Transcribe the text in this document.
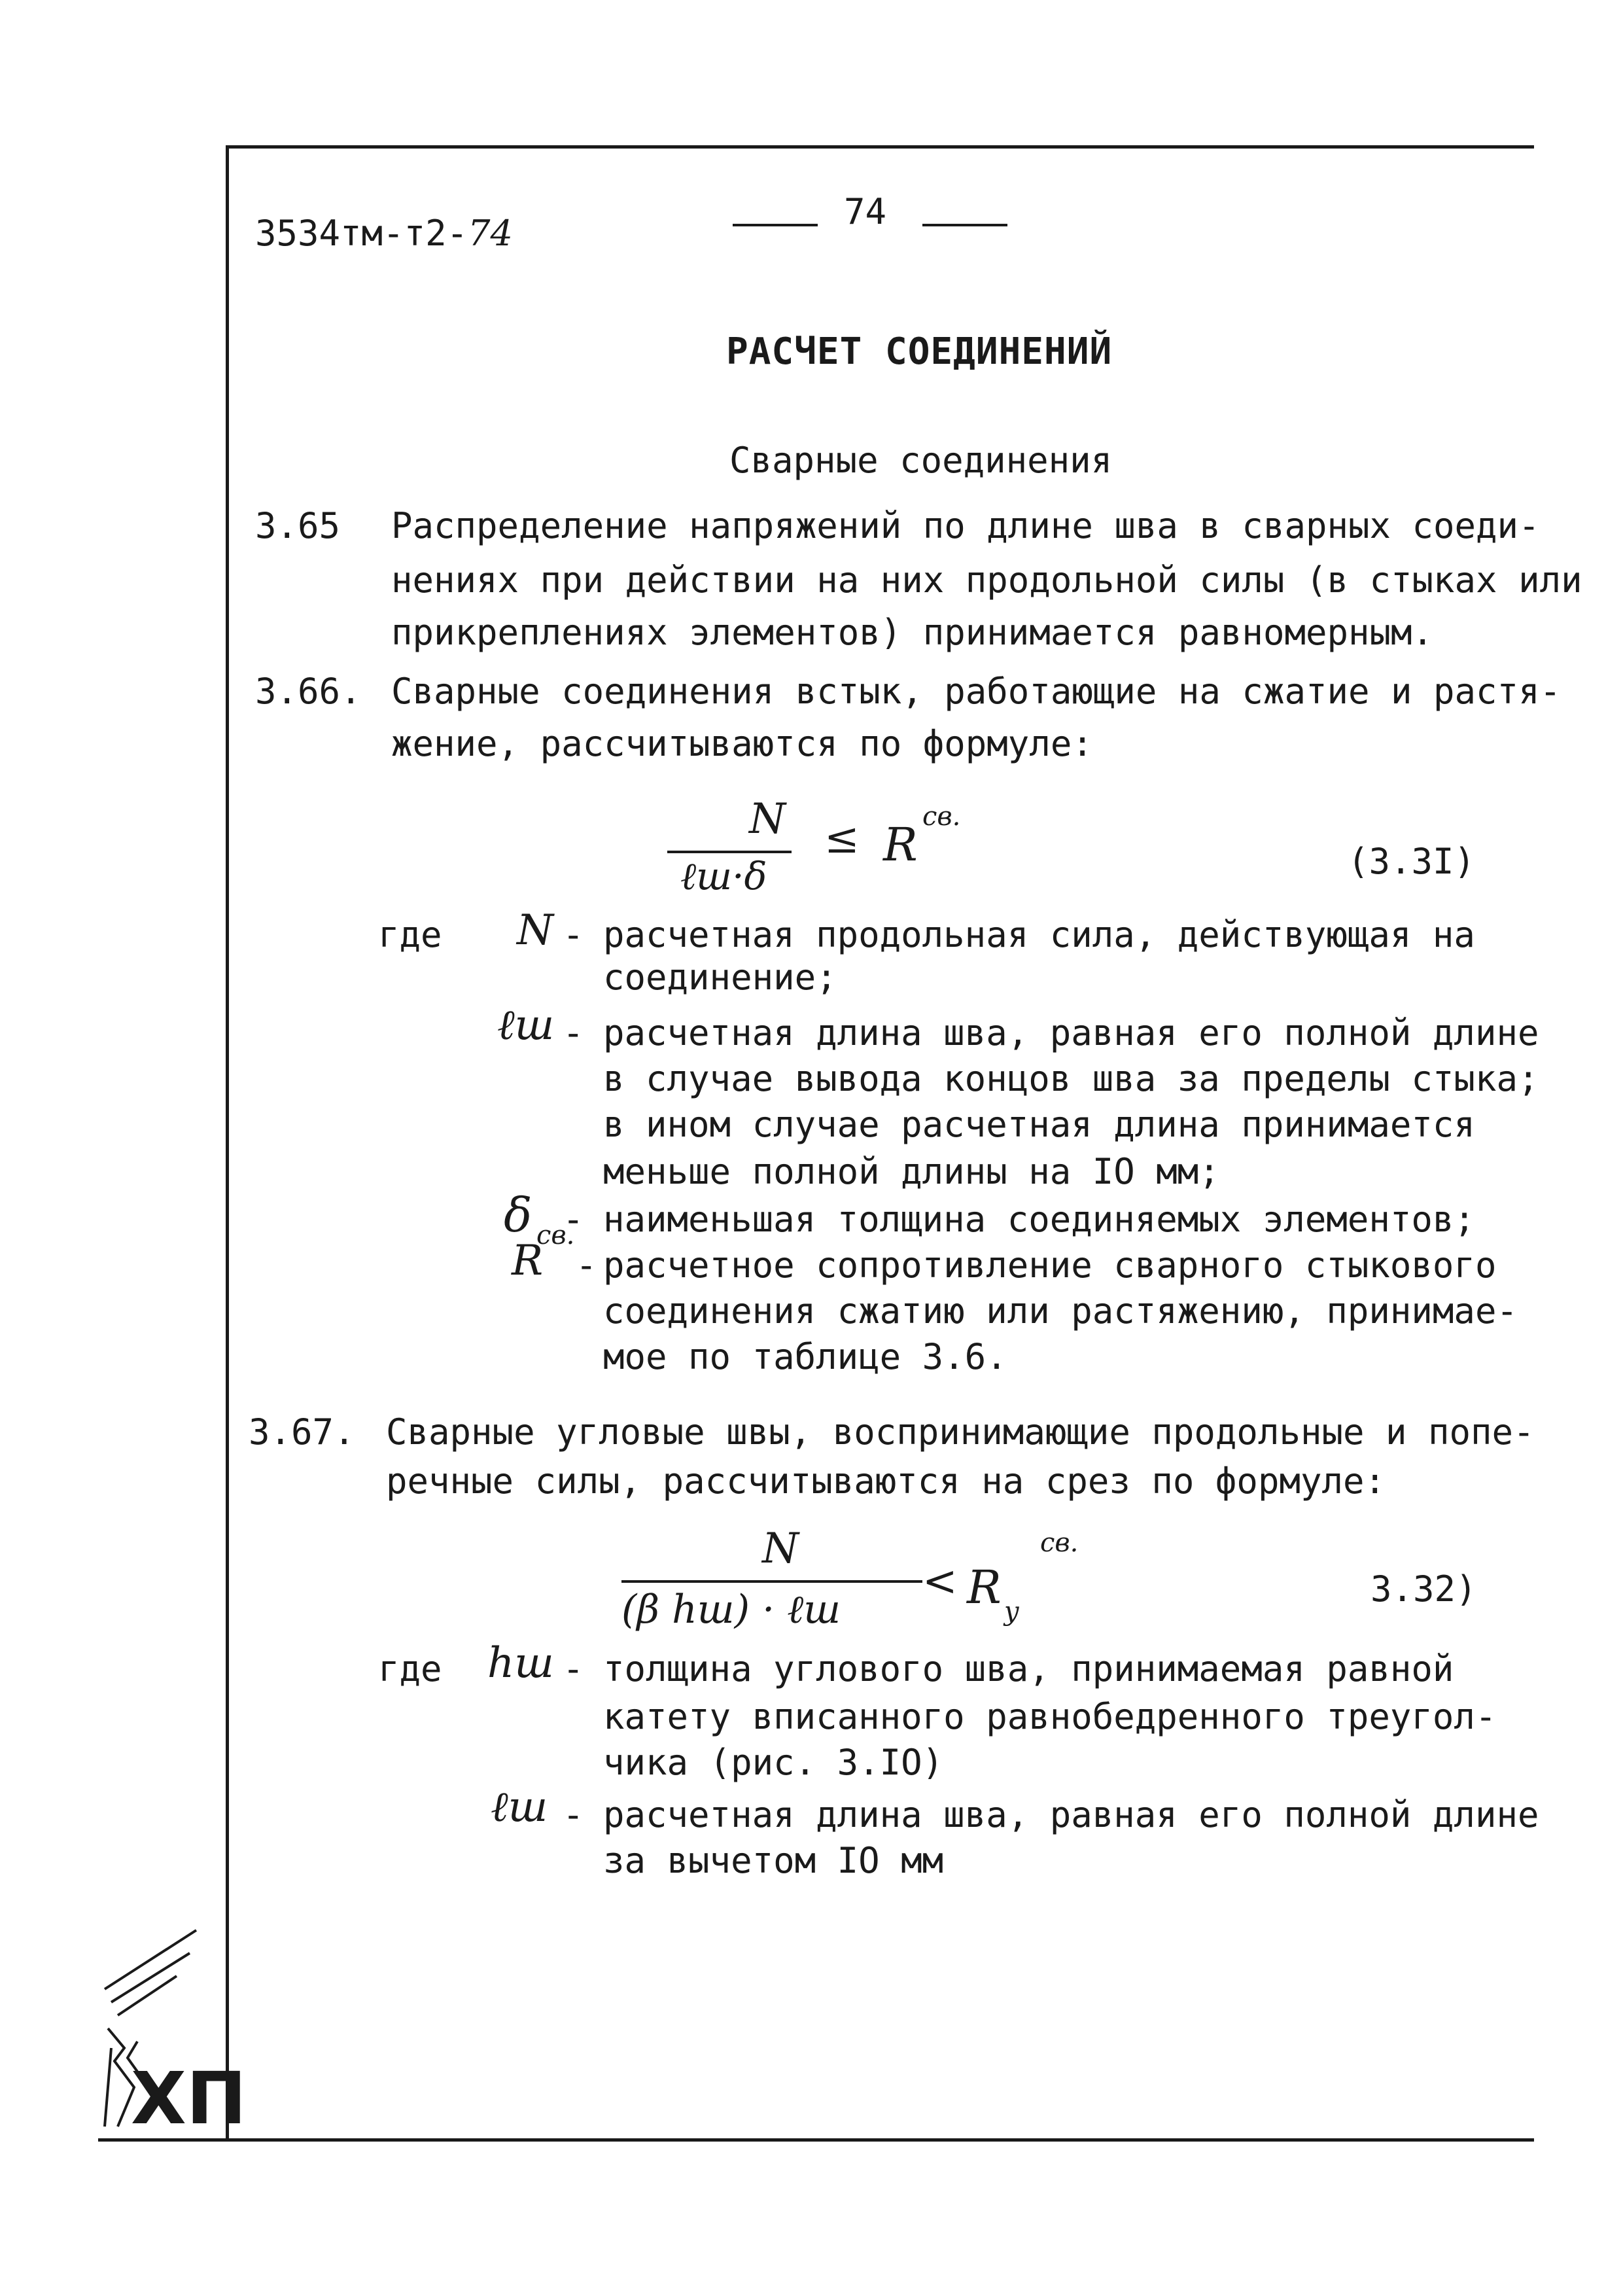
3534тм-т2-74
74
РАСЧЕТ СОЕДИНЕНИЙ
Сварные соединения
3.65 Распределение напряжений по длине шва в сварных соеди-
нениях при действии на них продольной силы (в стыках или
прикреплениях элементов) принимается равномерным.
3.66. Сварные соединения встык, работающие на сжатие и растя-
жение, рассчитываются по формуле:
N
ℓш·δ
≤ R
св.
(3.3I)
где N - расчетная продольная сила, действующая на
соединение;
ℓш - расчетная длина шва, равная его полной длине
в случае вывода концов шва за пределы стыка;
в ином случае расчетная длина принимается
меньше полной длины на IO мм;
δ - наименьшая толщина соединяемых элементов;
R
св.
- расчетное сопротивление сварного стыкового
соединения сжатию или растяжению, принимае-
мое по таблице 3.6.
3.67. Сварные угловые швы, воспринимающие продольные и попе-
речные силы, рассчитываются на срез по формуле:
N
(β hш) · ℓш
< R y
св.
3.32)
где hш - толщина углового шва, принимаемая равной
катету вписанного равнобедренного треугол-
чика (рис. 3.IO)
ℓш - расчетная длина шва, равная его полной длине
за вычетом IO мм
ХП
